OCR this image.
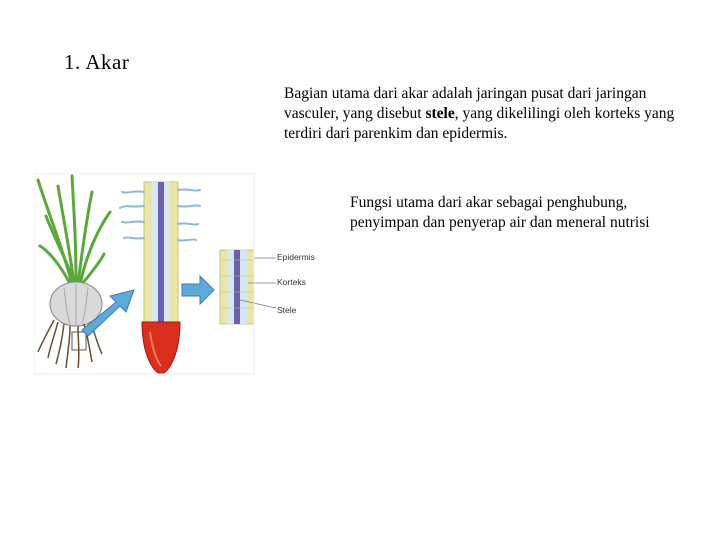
1. Akar
Bagian utama dari akar adalah jaringan pusat dari jaringan vasculer, yang disebut stele, yang dikelilingi oleh korteks yang terdiri dari parenkim dan epidermis.
Fungsi utama dari akar sebagai penghubung, penyimpan dan penyerap air dan meneral nutrisi
Epidermis
Korteks
Stele
